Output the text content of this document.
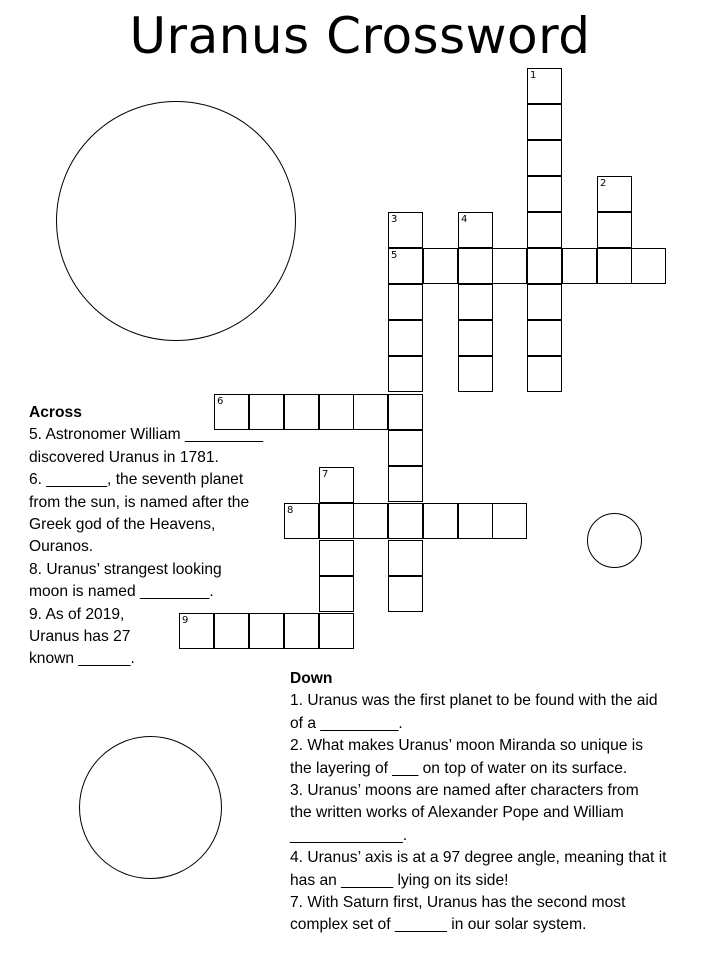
Uranus Crossword
1
2
3	4
5
6
7
8
9
Across
5. Astronomer William _________
discovered Uranus in 1781.
6. _______, the seventh planet
from the sun, is named after the
Greek god of the Heavens,
Ouranos.
8. Uranus’ strangest looking
moon is named ________.
9. As of 2019,
Uranus has 27
known ______.
Down
1. Uranus was the first planet to be found with the aid
of a _________.
2. What makes Uranus’ moon Miranda so unique is
the layering of ___ on top of water on its surface.
3. Uranus’ moons are named after characters from
the written works of Alexander Pope and William
_____________.
4. Uranus’ axis is at a 97 degree angle, meaning that it
has an ______ lying on its side!
7. With Saturn first, Uranus has the second most
complex set of ______ in our solar system.
